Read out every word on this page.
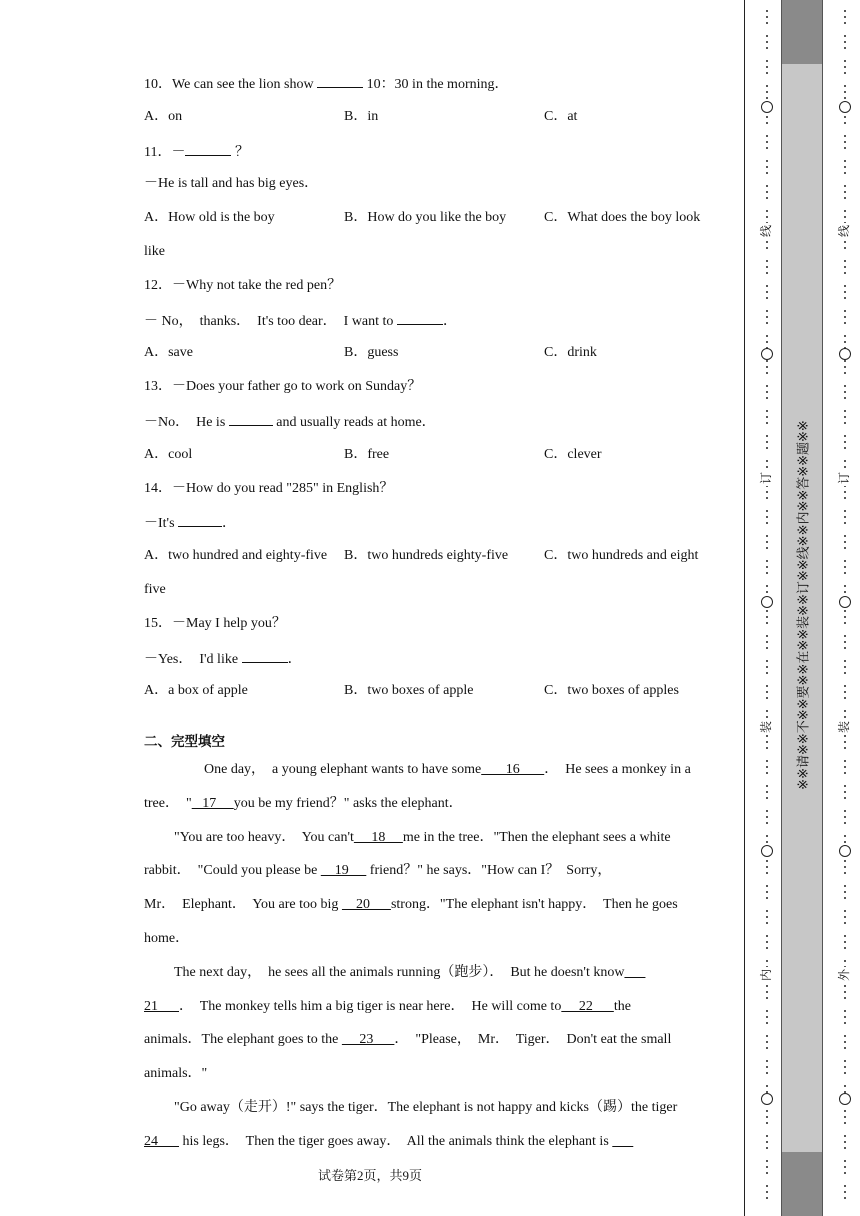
10．We can see the lion show	10：30 in the morning．
A．on	B．in	C．at
11．－	？
－He is tall and has big eyes．
A．How old is the boy	B．How do you like the boy	C．What does the boy look
like
12．－Why not take the red pen？
－ No，  thanks．  It's too dear．  I want to	．
A．save	B．guess	C．drink
13．－Does your father go to work on Sunday？
－No．  He is	and usually reads at home．
A．cool	B．free	C．clever
14．－How do you read "285" in English？
－It's	．
A．two hundred and eighty-five B．two hundreds eighty-five	C．two hundreds and eight
five
15．－May I help you？
－Yes．  I'd like	．
A．a box of apple	B．two boxes of apple	C．two boxes of apples
二、完型填空
One day，  a young elephant wants to have some       16       ．  He sees a monkey in a
tree．  "   17     you be my friend？" asks the elephant．
"You are too heavy．  You can't     18     me in the tree．"Then the elephant sees a white
rabbit．  "Could you please be     19      friend？" he says．"How can I？  Sorry，
Mr．  Elephant．  You are too big     20      strong．"The elephant isn't happy．  Then he goes
home．
The next day，  he sees all the animals running（跑步）．  But he doesn't know
21      ．  The monkey tells him a big tiger is near here．  He will come to     22      the
animals．The elephant goes to the      23      ．  "Please，  Mr．  Tiger．  Don't eat the small
animals．"
"Go away（走开）!" says the tiger．The elephant is not happy and kicks（踢）the tiger
24       his legs．  Then the tiger goes away．  All the animals think the elephant is
试卷第2页，共9页
线
订
装
内
※※请※※不※※要※※在※※装※※订※※线※※内※※答※※题※※
线
订
装
外
